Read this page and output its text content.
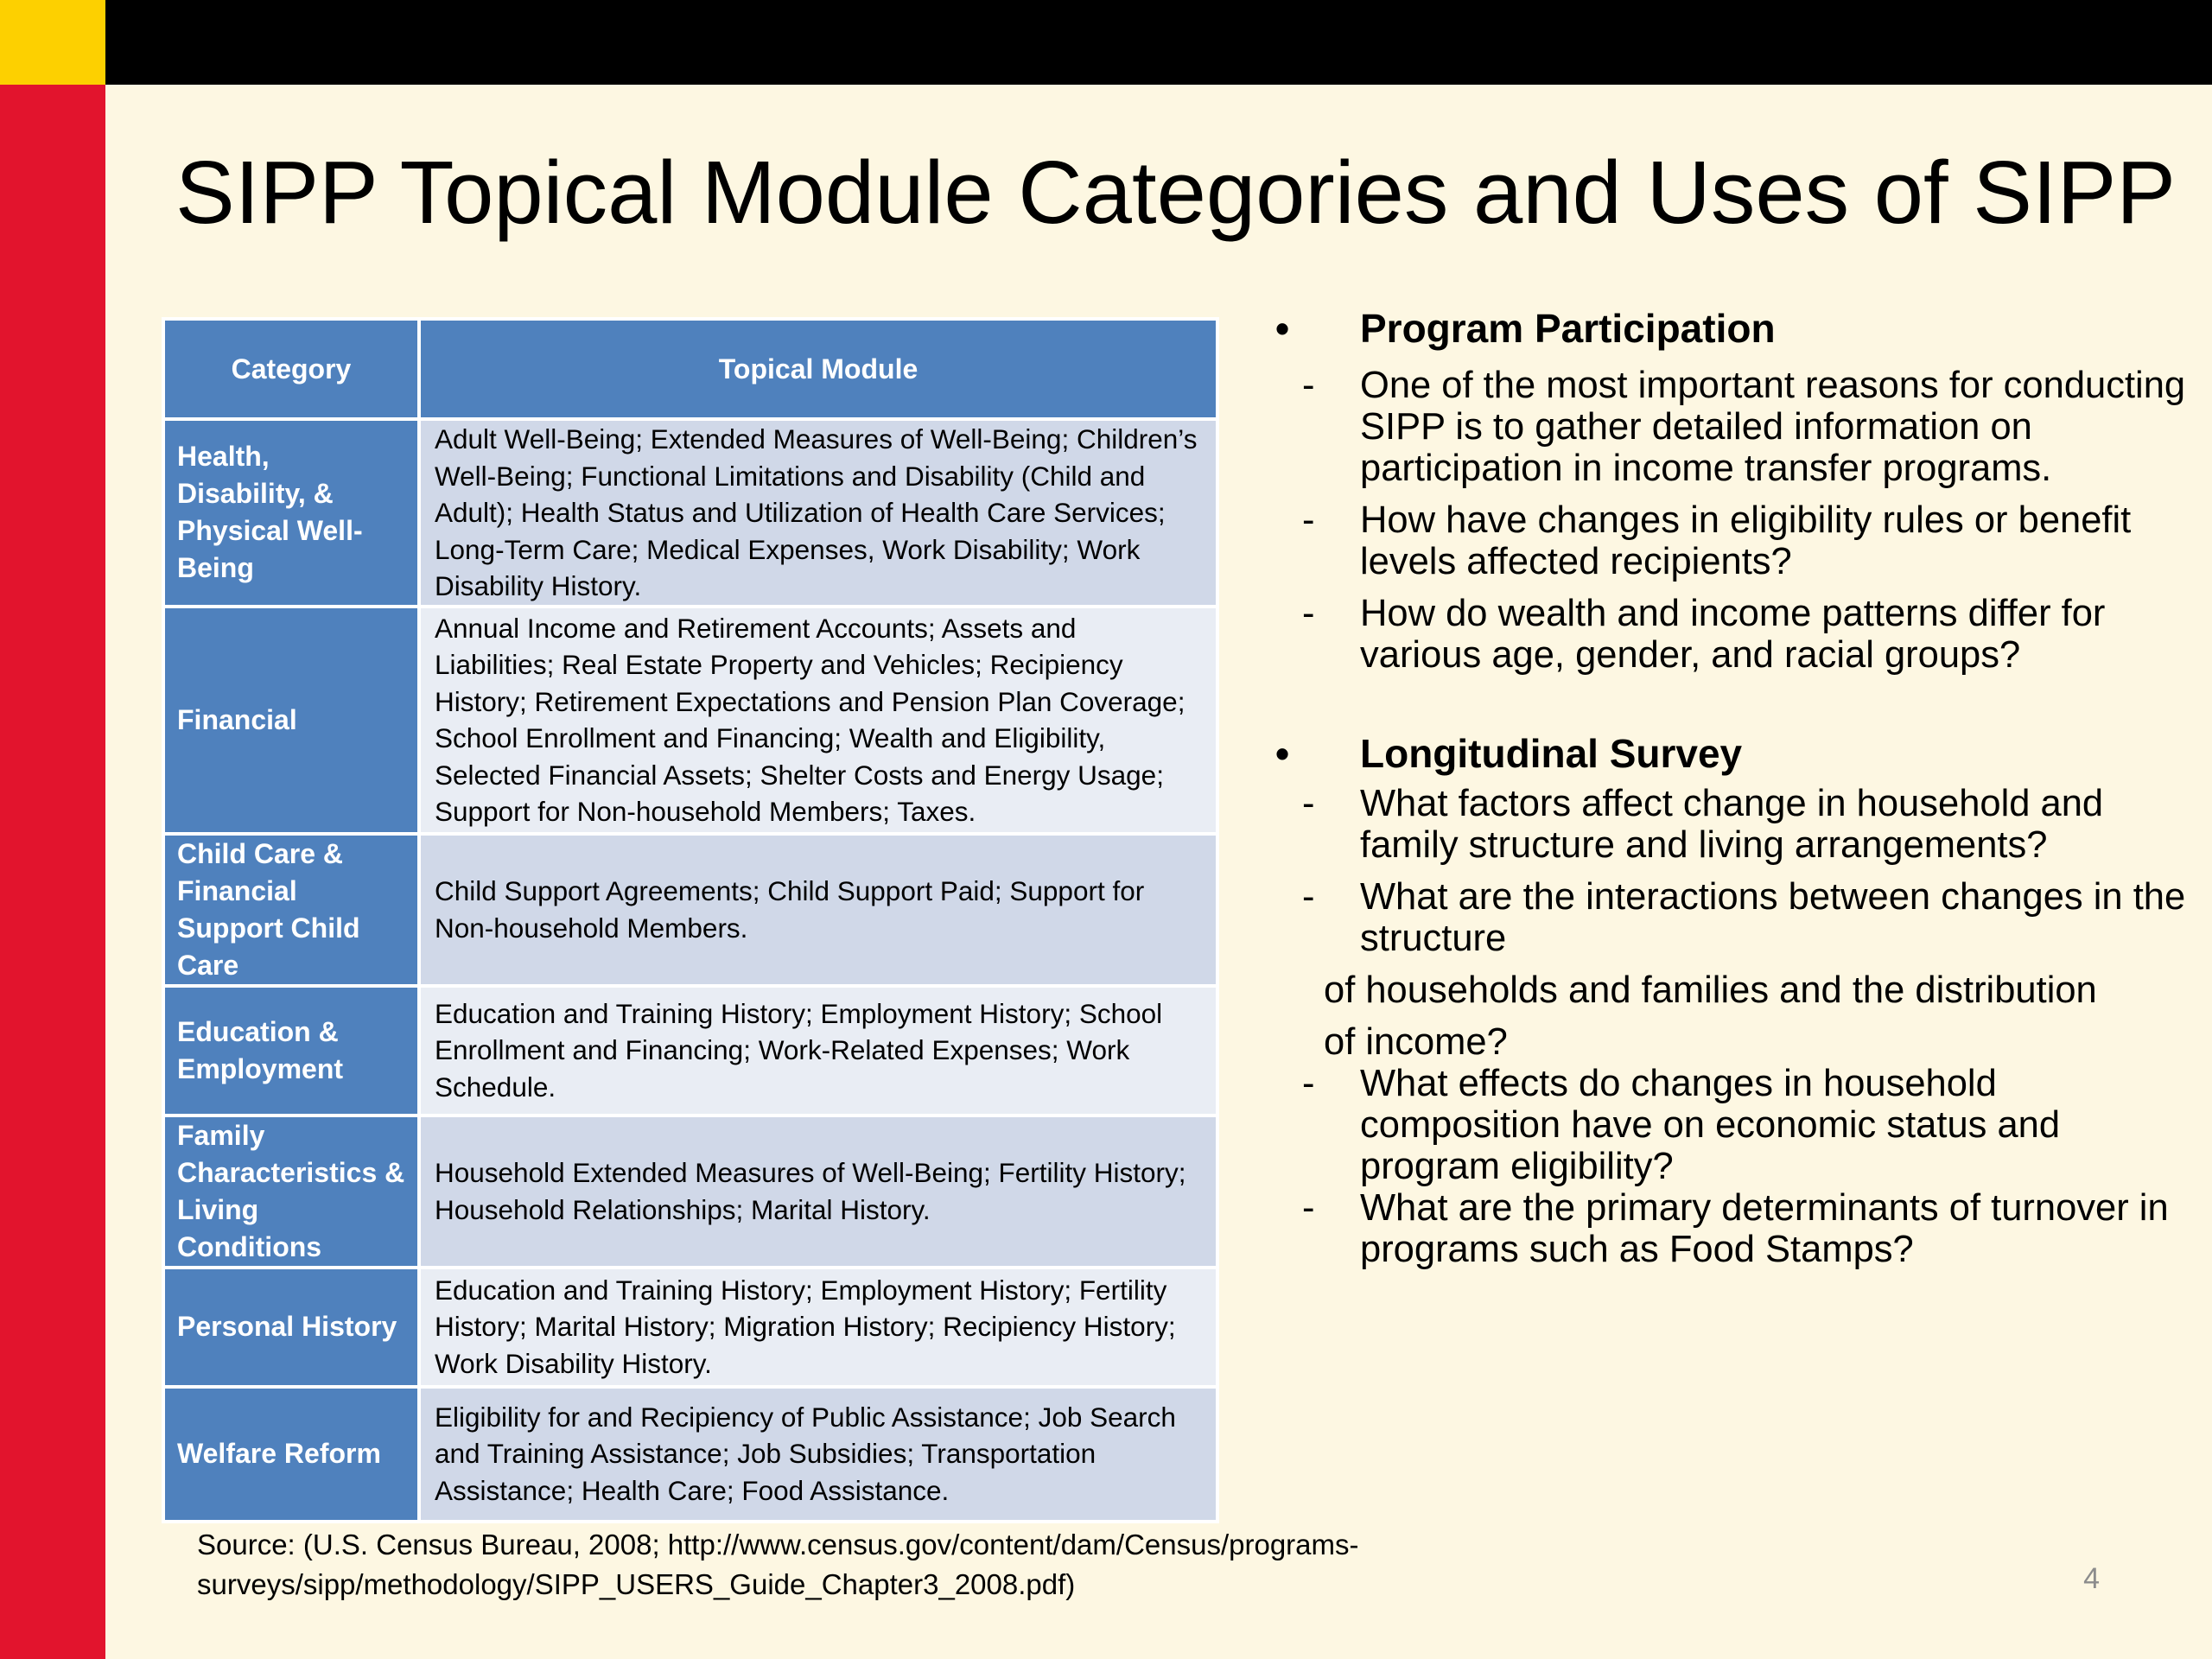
SIPP Topical Module Categories and Uses of SIPP
Category	Topical Module
Health, Disability, & Physical Well-Being	Adult Well-Being; Extended Measures of Well-Being; Children’s Well-Being; Functional Limitations and Disability (Child and Adult); Health Status and Utilization of Health Care Services; Long-Term Care; Medical Expenses, Work Disability; Work Disability History.
Financial	Annual Income and Retirement Accounts; Assets and Liabilities; Real Estate Property and Vehicles; Recipiency History; Retirement Expectations and Pension Plan Coverage; School Enrollment and Financing; Wealth and Eligibility, Selected Financial Assets; Shelter Costs and Energy Usage; Support for Non-household Members; Taxes.
Child Care & Financial Support Child Care	Child Support Agreements; Child Support Paid; Support for Non-household Members.
Education & Employment	Education and Training History; Employment History; School Enrollment and Financing; Work-Related Expenses; Work Schedule.
Family Characteristics & Living Conditions	Household Extended Measures of Well-Being; Fertility History; Household Relationships; Marital History.
Personal History	Education and Training History; Employment History; Fertility History; Marital History; Migration History; Recipiency History; Work Disability History.
Welfare Reform	Eligibility for and Recipiency of Public Assistance; Job Search and Training Assistance; Job Subsidies; Transportation Assistance; Health Care; Food Assistance.
• Program Participation
- One of the most important reasons for conducting SIPP is to gather detailed information on participation in income transfer programs.
- How have changes in eligibility rules or benefit levels affected recipients?
- How do wealth and income patterns differ for various age, gender, and racial groups?
• Longitudinal Survey
- What factors affect change in household and family structure and living arrangements?
- What are the interactions between changes in the structure
of households and families and the distribution
of income?
- What effects do changes in household composition have on economic status and program eligibility?
- What are the primary determinants of turnover in programs such as Food Stamps?
Source: (U.S. Census Bureau, 2008; http://www.census.gov/content/dam/Census/programs-
surveys/sipp/methodology/SIPP_USERS_Guide_Chapter3_2008.pdf)	4
